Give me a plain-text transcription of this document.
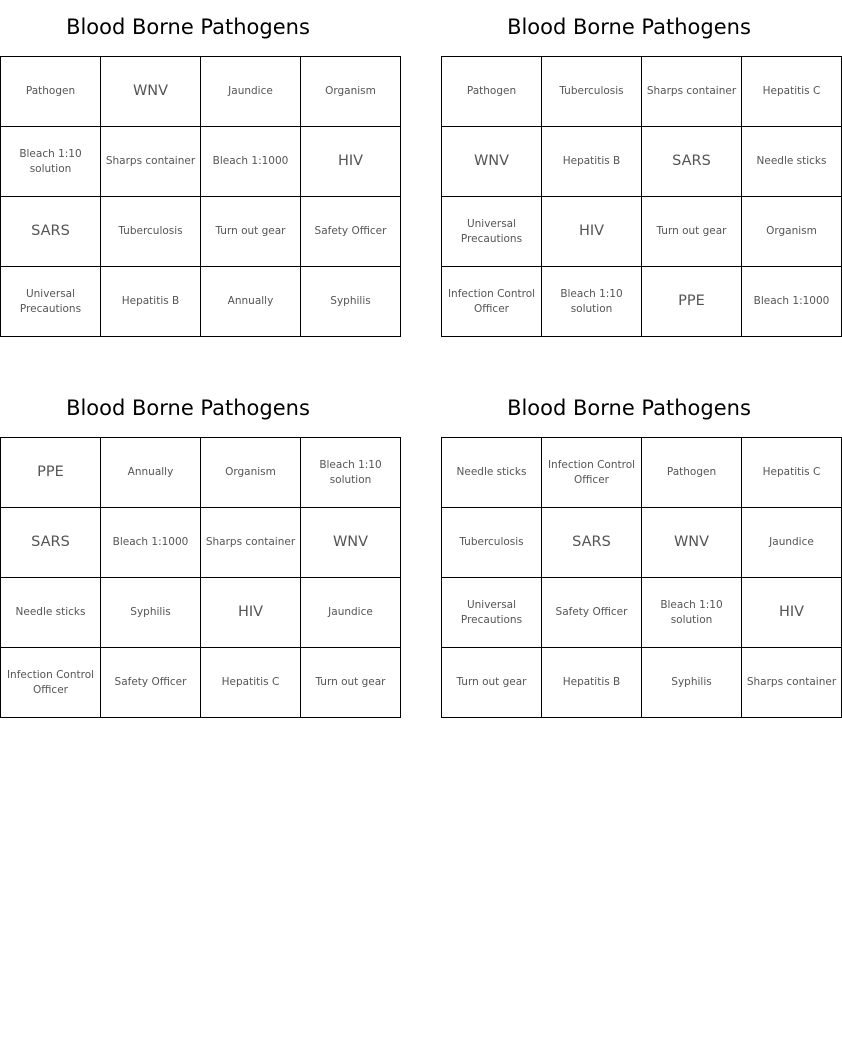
Blood Borne Pathogens
Pathogen	WNV	Jaundice	Organism
Bleach 1:10 solution	Sharps container	Bleach 1:1000	HIV
SARS	Tuberculosis	Turn out gear	Safety Officer
Universal Precautions	Hepatitis B	Annually	Syphilis
Blood Borne Pathogens
Pathogen	Tuberculosis	Sharps container	Hepatitis C
WNV	Hepatitis B	SARS	Needle sticks
Universal Precautions	HIV	Turn out gear	Organism
Infection Control Officer	Bleach 1:10 solution	PPE	Bleach 1:1000
Blood Borne Pathogens
PPE	Annually	Organism	Bleach 1:10 solution
SARS	Bleach 1:1000	Sharps container	WNV
Needle sticks	Syphilis	HIV	Jaundice
Infection Control Officer	Safety Officer	Hepatitis C	Turn out gear
Blood Borne Pathogens
Needle sticks	Infection Control Officer	Pathogen	Hepatitis C
Tuberculosis	SARS	WNV	Jaundice
Universal Precautions	Safety Officer	Bleach 1:10 solution	HIV
Turn out gear	Hepatitis B	Syphilis	Sharps container
